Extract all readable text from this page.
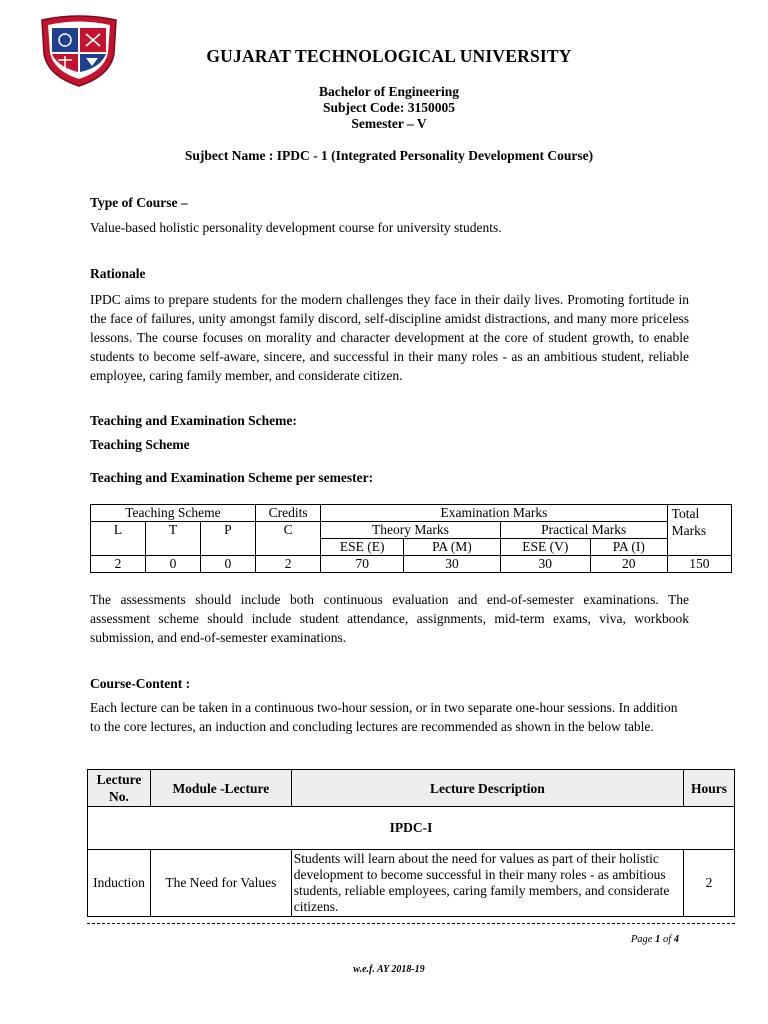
GUJARAT TECHNOLOGICAL UNIVERSITY
Bachelor of Engineering
Subject Code: 3150005
Semester – V
Sujbect Name : IPDC - 1 (Integrated Personality Development Course)
Type of Course –
Value-based holistic personality development course for university students.
Rationale
IPDC aims to prepare students for the modern challenges they face in their daily lives. Promoting fortitude in the face of failures, unity amongst family discord, self-discipline amidst distractions, and many more priceless lessons. The course focuses on morality and character development at the core of student growth, to enable students to become self-aware, sincere, and successful in their many roles - as an ambitious student, reliable employee, caring family member, and considerate citizen.
Teaching and Examination Scheme:
Teaching Scheme
Teaching and Examination Scheme per semester:
Teaching Scheme			Credits	Examination Marks				Total
Marks
L	T	P	C	Theory Marks		Practical Marks		
				ESE (E)	PA (M)	ESE (V)	PA (I)	
2	0	0	2	70	30	30	20	150
The assessments should include both continuous evaluation and end-of-semester examinations. The assessment scheme should include student attendance, assignments, mid-term exams, viva, workbook submission, and end-of-semester examinations.
Course-Content :
Each lecture can be taken in a continuous two-hour session, or in two separate one-hour sessions. In addition to the core lectures, an induction and concluding lectures are recommended as shown in the below table.
Lecture
No.	Module -Lecture	Lecture Description	Hours
IPDC-I			
Induction	The Need for Values	Students will learn about the need for values as part of their holistic development to become successful in their many roles - as ambitious students, reliable employees, caring family members, and considerate citizens.	2
Page 1 of 4
w.e.f. AY 2018-19
